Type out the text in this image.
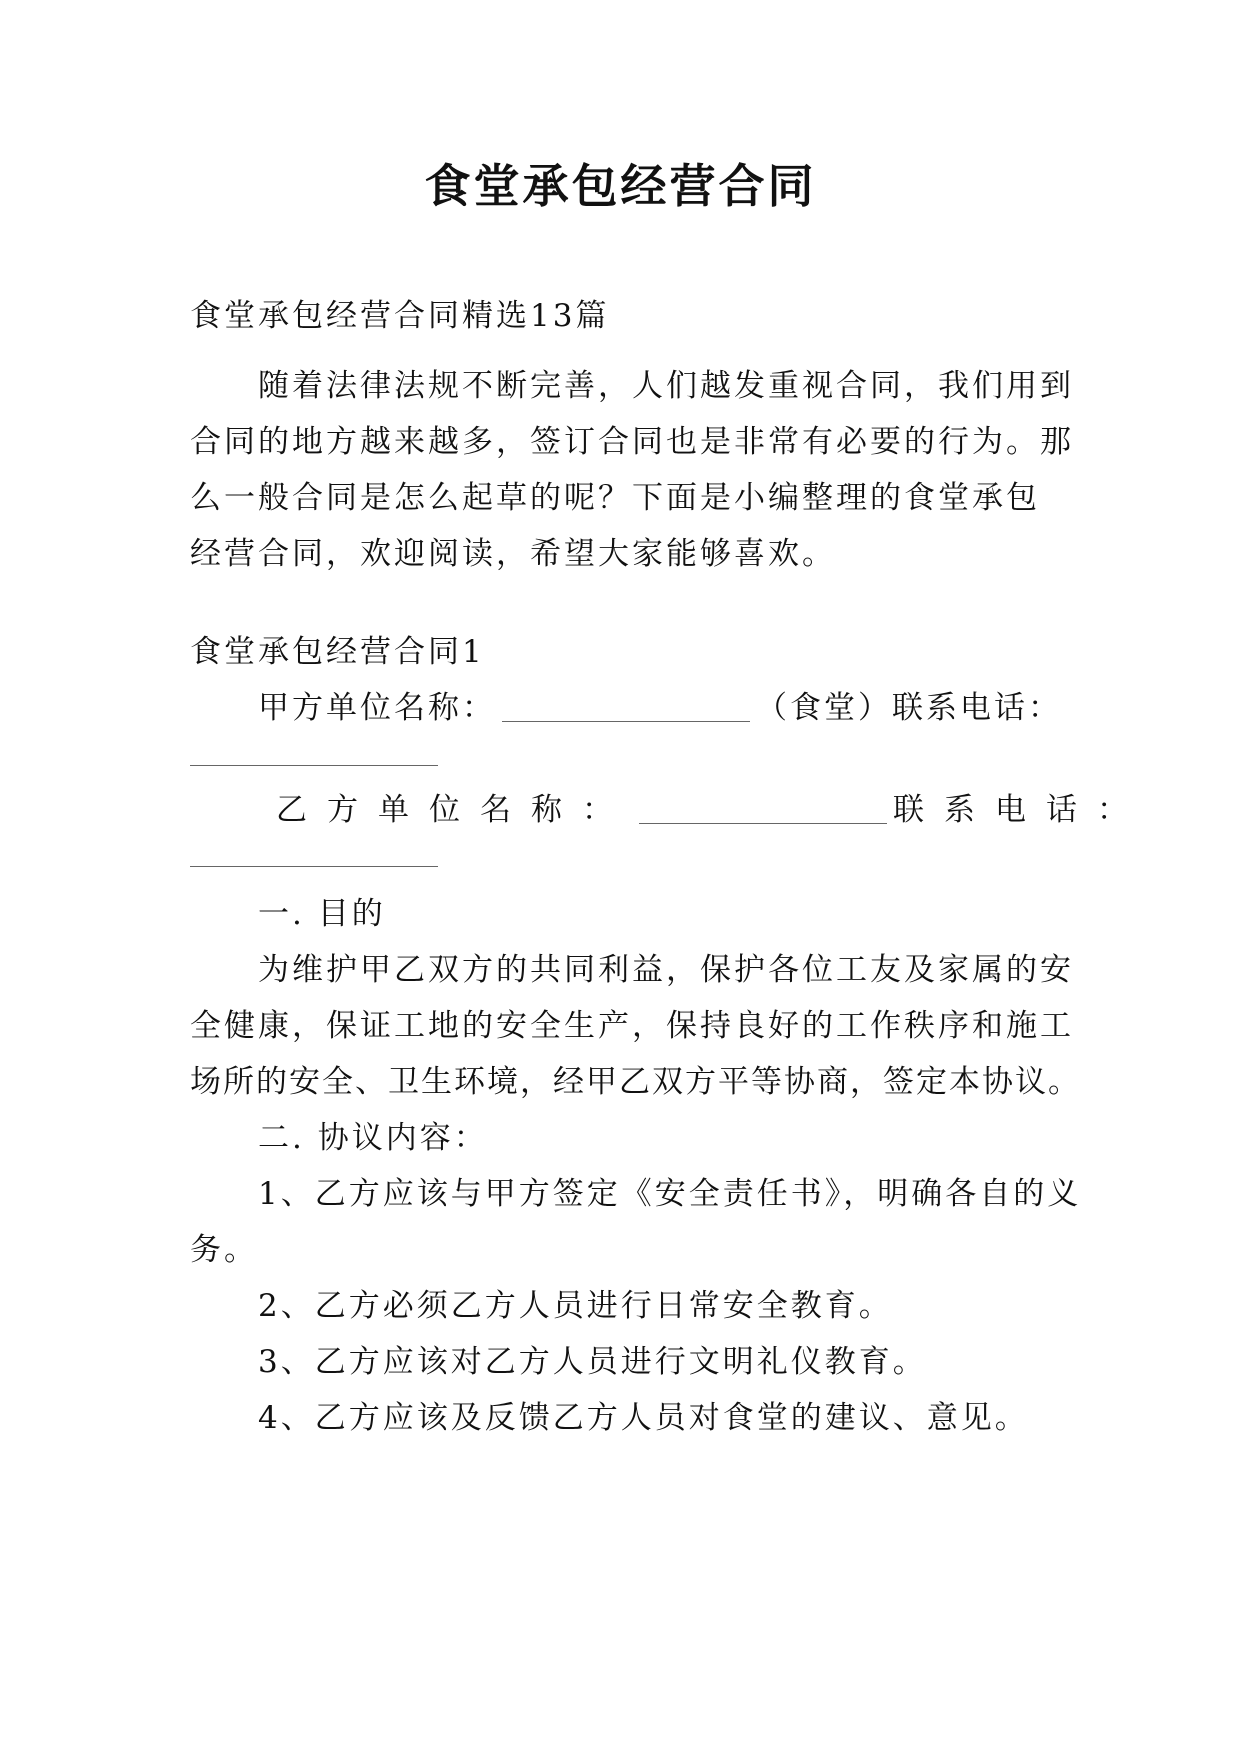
食堂承包经营合同
食堂承包经营合同精选13篇
随着法律法规不断完善，人们越发重视合同，我们用到
合同的地方越来越多，签订合同也是非常有必要的行为。那
么一般合同是怎么起草的呢？下面是小编整理的食堂承包
经营合同，欢迎阅读，希望大家能够喜欢。
食堂承包经营合同1
甲方单位名称：	（食堂）联系电话：
乙方单位名称：	联系电话：
一. 目的
为维护甲乙双方的共同利益，保护各位工友及家属的安
全健康，保证工地的安全生产，保持良好的工作秩序和施工
场所的安全、卫生环境，经甲乙双方平等协商，签定本协议。
二. 协议内容：
1、乙方应该与甲方签定《安全责任书》，明确各自的义
务。
2、乙方必须乙方人员进行日常安全教育。
3、乙方应该对乙方人员进行文明礼仪教育。
4、乙方应该及反馈乙方人员对食堂的建议、意见。
